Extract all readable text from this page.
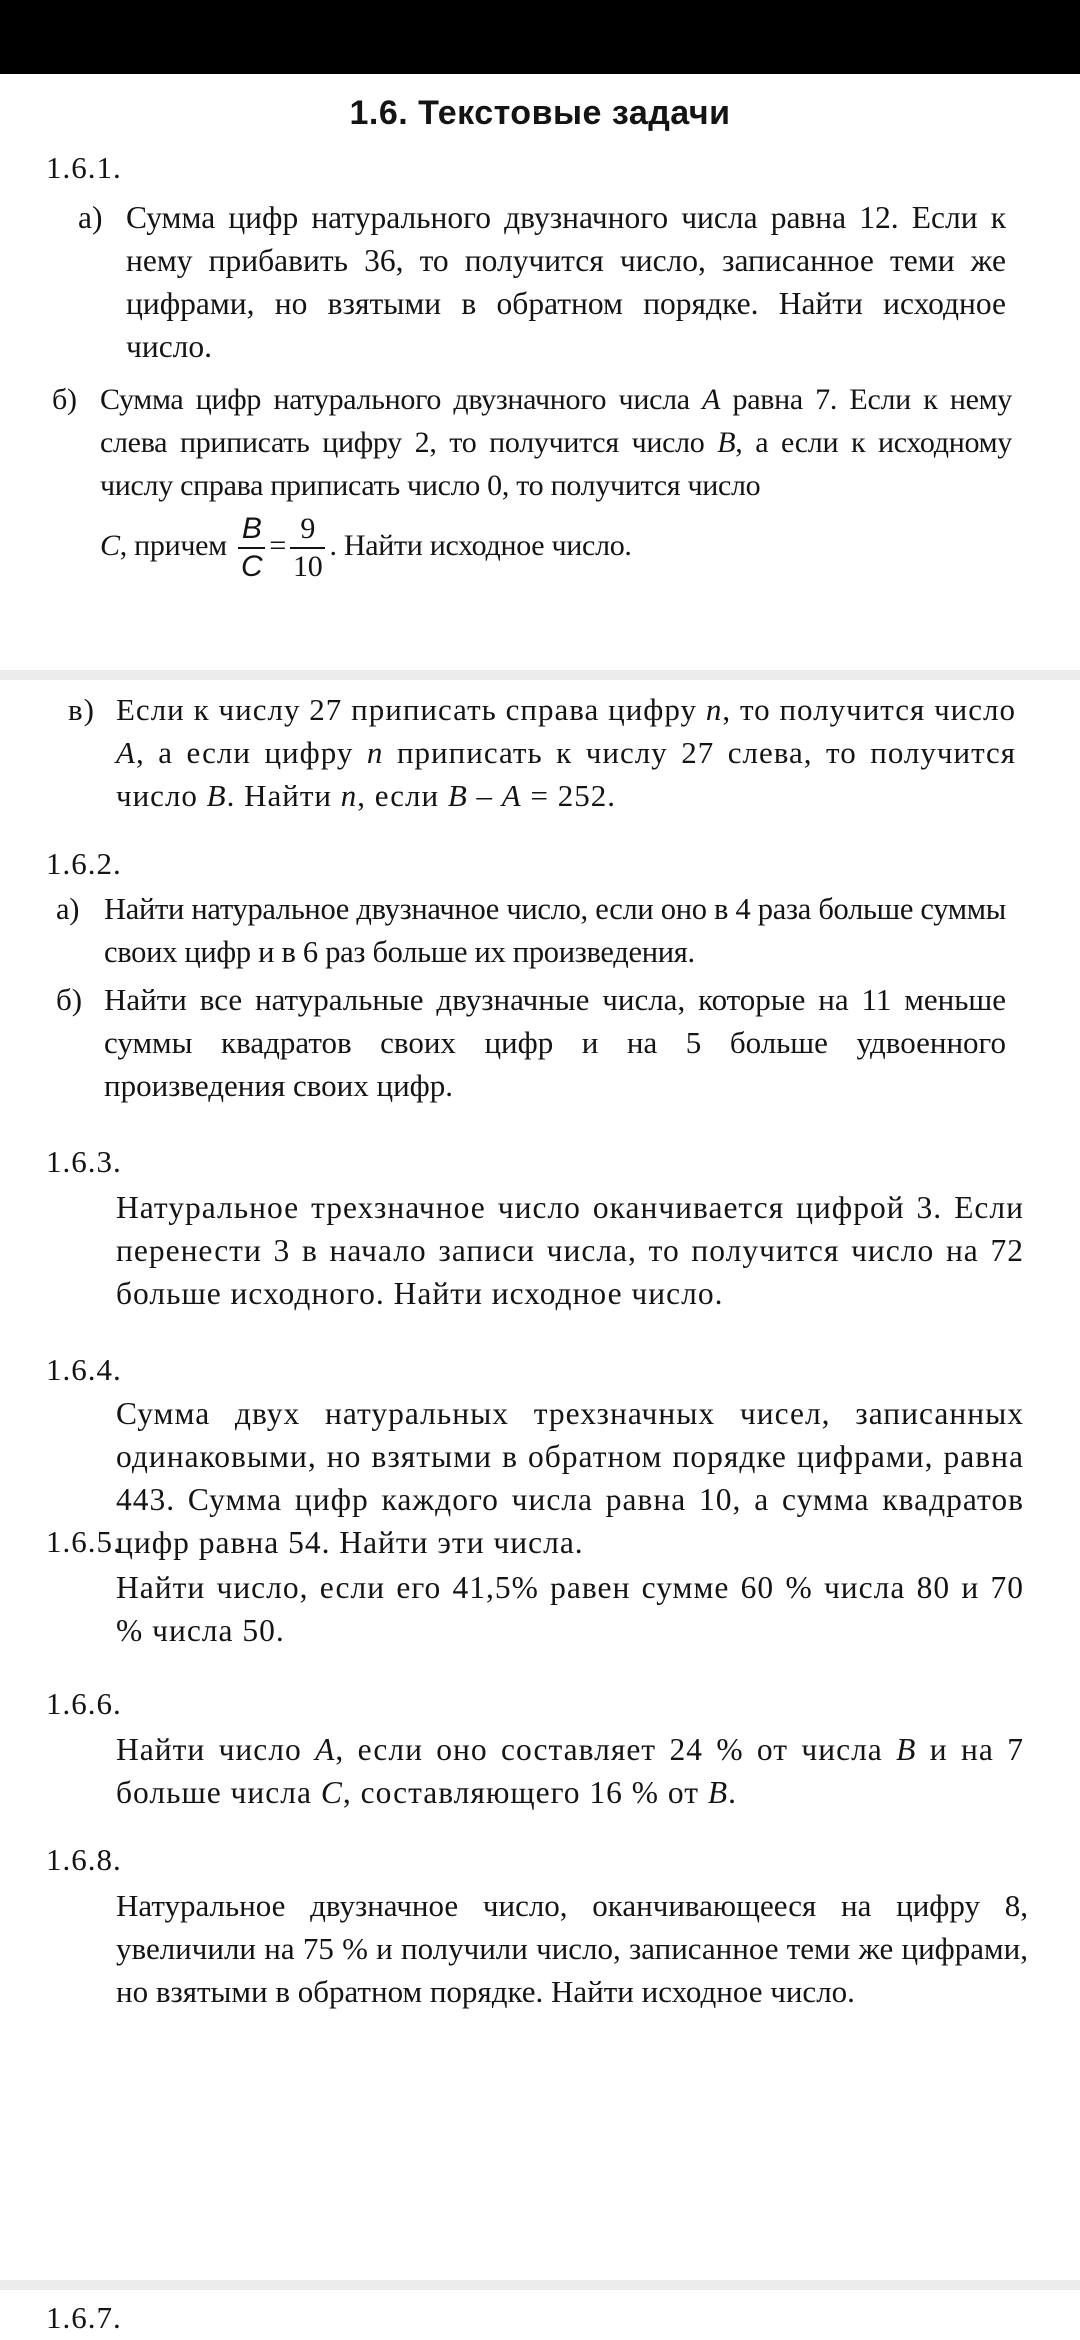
1.6. Текстовые задачи
1.6.1.
а) Сумма цифр натурального двузначного числа равна 12. Если к нему прибавить 36, то получится число, записанное теми же цифрами, но взятыми в обратном порядке. Найти исходное число.
б) Сумма цифр натурального двузначного числа A равна 7. Если к нему слева приписать цифру 2, то получится число B, а если к исходному числу справа приписать число 0, то получится число
C, причем $\frac{B}{C} = \frac{9}{10}$ . Найти исходное число.
в) Если к числу 27 приписать справа цифру n, то получится число A, а если цифру n приписать к числу 27 слева, то получится число B. Найти n, если B – A = 252.
1.6.2.
а) Найти натуральное двузначное число, если оно в 4 раза больше суммы своих цифр и в 6 раз больше их произведения.
б) Найти все натуральные двузначные числа, которые на 11 меньше суммы квадратов своих цифр и на 5 больше удвоенного произведения своих цифр.
1.6.3.
Натуральное трехзначное число оканчивается цифрой 3. Если перенести 3 в начало записи числа, то получится число на 72 больше исходного. Найти исходное число.
1.6.4.
Сумма двух натуральных трехзначных чисел, записанных одинаковыми, но взятыми в обратном порядке цифрами, равна 443. Сумма цифр каждого числа равна 10, а сумма квадратов цифр равна 54. Найти эти числа.
1.6.5.
Найти число, если его 41,5% равен сумме 60 % числа 80 и 70 % числа 50.
1.6.6.
Найти число A, если оно составляет 24 % от числа B и на 7 больше числа C, составляющего 16 % от B.
1.6.8.
Натуральное двузначное число, оканчивающееся на цифру 8, увеличили на 75 % и получили число, записанное теми же цифрами, но взятыми в обратном порядке. Найти исходное число.
1.6.7.
